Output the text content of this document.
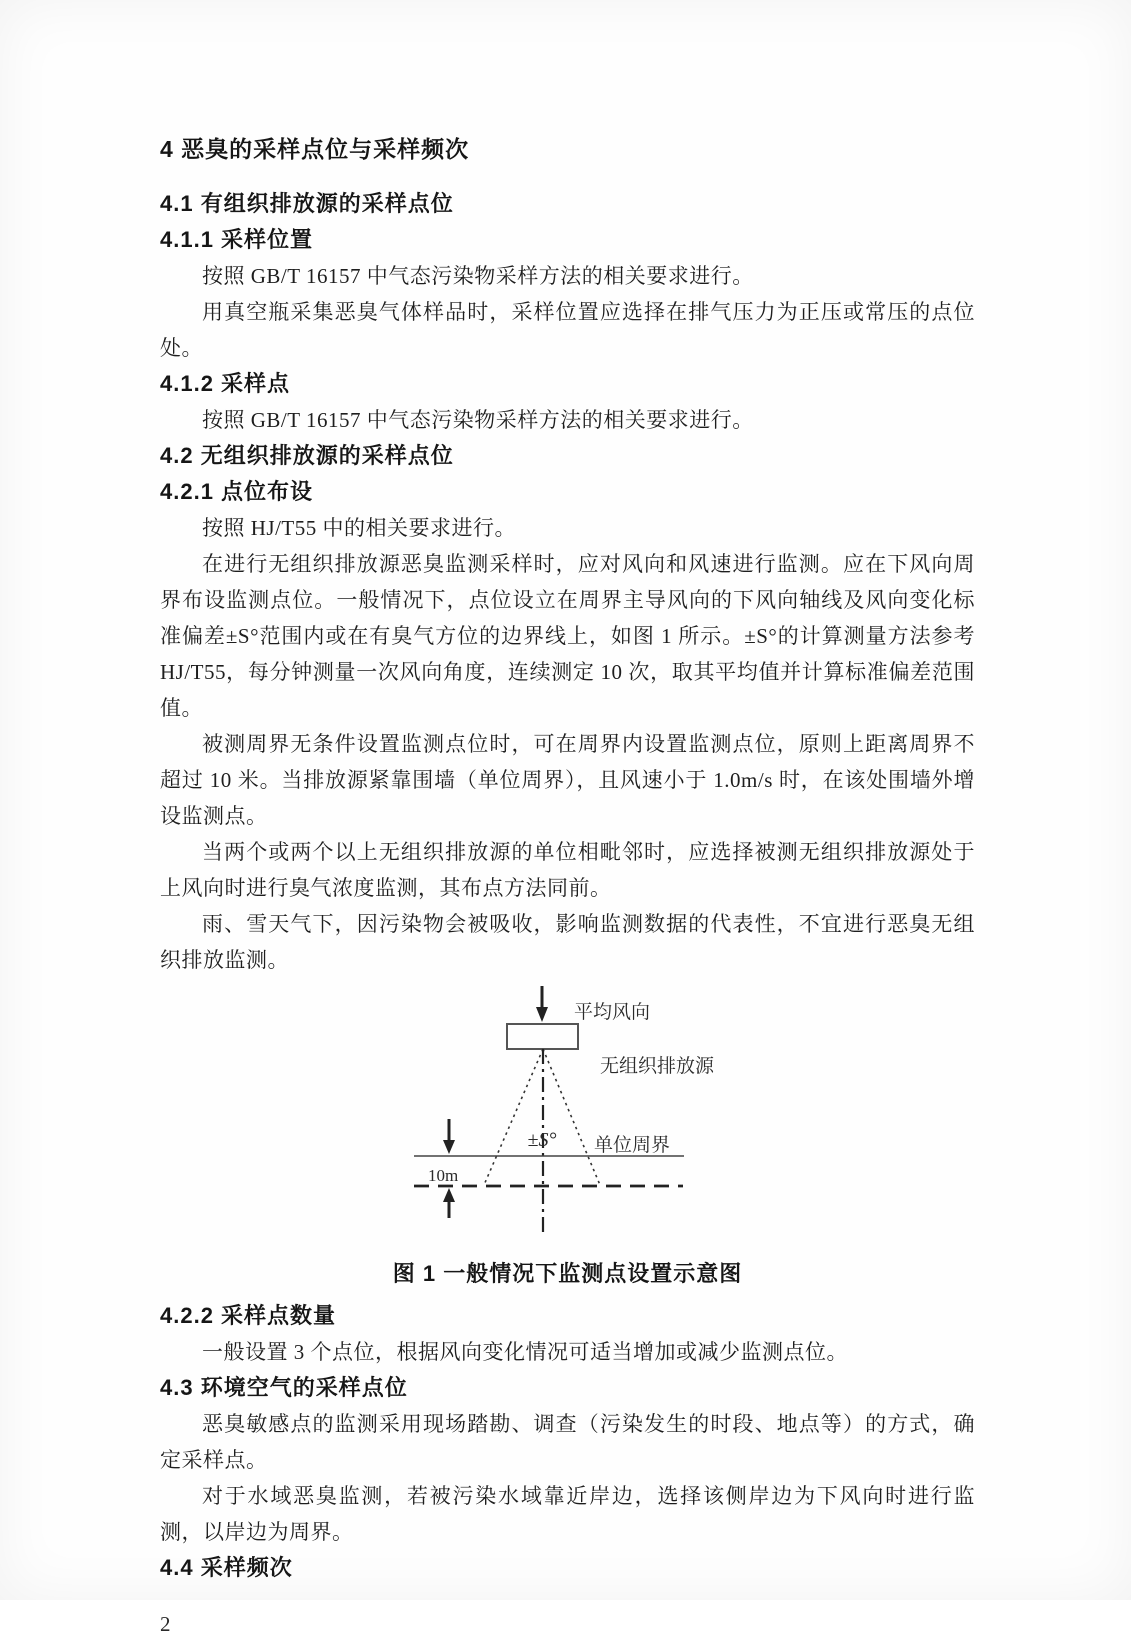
4 恶臭的采样点位与采样频次
4.1 有组织排放源的采样点位
4.1.1 采样位置

按照 GB/T 16157 中气态污染物采样方法的相关要求进行。

用真空瓶采集恶臭气体样品时，采样位置应选择在排气压力为正压或常压的点位处。

4.1.2 采样点

按照 GB/T 16157 中气态污染物采样方法的相关要求进行。

4.2 无组织排放源的采样点位
4.2.1 点位布设

按照 HJ/T55 中的相关要求进行。

在进行无组织排放源恶臭监测采样时，应对风向和风速进行监测。应在下风向周界布设监测点位。一般情况下，点位设立在周界主导风向的下风向轴线及风向变化标准偏差±S°范围内或在有臭气方位的边界线上，如图 1 所示。±S°的计算测量方法参考 HJ/T55，每分钟测量一次风向角度，连续测定 10 次，取其平均值并计算标准偏差范围值。

被测周界无条件设置监测点位时，可在周界内设置监测点位，原则上距离周界不超过 10 米。当排放源紧靠围墙（单位周界），且风速小于 1.0m/s 时，在该处围墙外增设监测点。

当两个或两个以上无组织排放源的单位相毗邻时，应选择被测无组织排放源处于上风向时进行臭气浓度监测，其布点方法同前。

雨、雪天气下，因污染物会被吸收，影响监测数据的代表性，不宜进行恶臭无组织排放监测。

平均风向
无组织排放源
±S° 单位周界
10m
图 1 一般情况下监测点设置示意图
4.2.2 采样点数量

一般设置 3 个点位，根据风向变化情况可适当增加或减少监测点位。

4.3 环境空气的采样点位

恶臭敏感点的监测采用现场踏勘、调查（污染发生的时段、地点等）的方式，确定采样点。

对于水域恶臭监测，若被污染水域靠近岸边，选择该侧岸边为下风向时进行监测，以岸边为周界。

4.4 采样频次
2
